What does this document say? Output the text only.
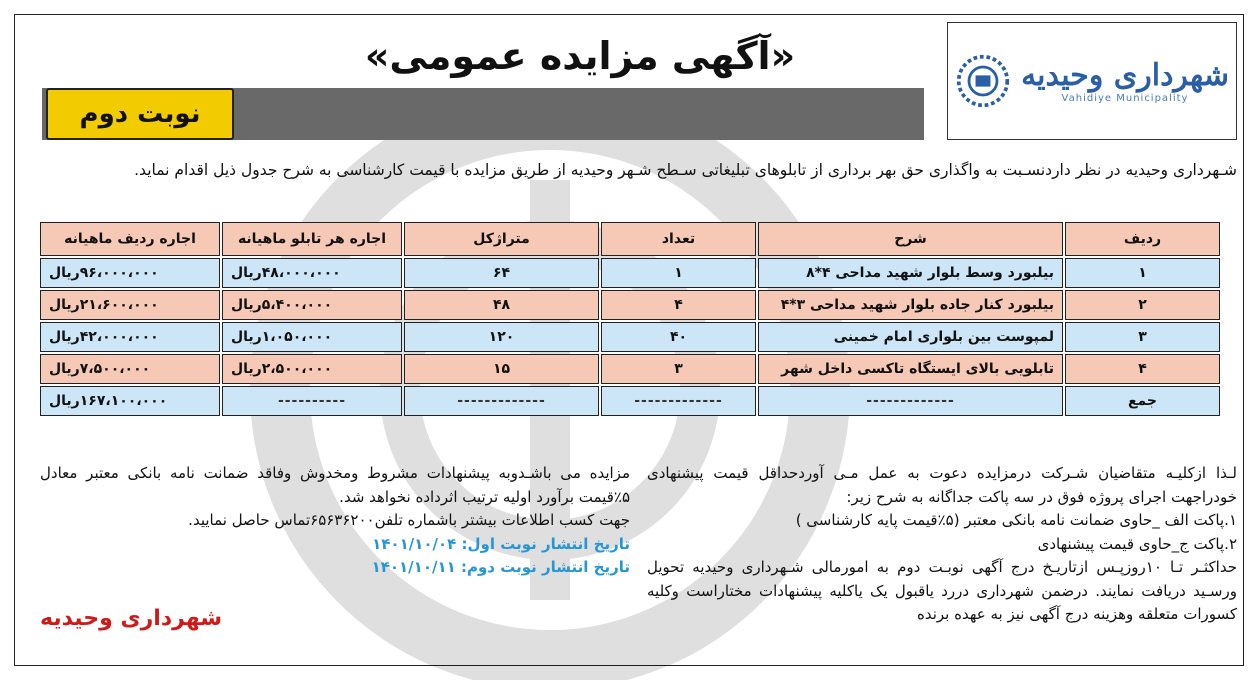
شهرداری وحیدیه
Vahidiye Municipality
«آگهی مزایده عمومی»
نوبت دوم
شـهرداری وحیدیه در نظر داردنسـبت به واگذاری حق بهر برداری از تابلوهای تبلیغاتی سـطح شـهر وحیدیه از طریق مزایده با قیمت کارشناسی به شرح جدول ذیل اقدام نماید.
ردیف	شرح	تعداد	متراژکل	اجاره هر تابلو ماهیانه	اجاره ردیف ماهیانه
۱	بیلبورد وسط بلوار شهید مداحی ۴*۸	۱	۶۴	۴۸،۰۰۰،۰۰۰ریال	۹۶،۰۰۰،۰۰۰ریال
۲	بیلبورد کنار جاده بلوار شهید مداحی ۳*۴	۴	۴۸	۵،۴۰۰،۰۰۰ریال	۲۱،۶۰۰،۰۰۰ریال
۳	لمپوست بین بلواری امام خمینی	۴۰	۱۲۰	۱،۰۵۰،۰۰۰ریال	۴۲،۰۰۰،۰۰۰ریال
۴	تابلویی بالای ایستگاه تاکسی داخل شهر	۳	۱۵	۲،۵۰۰،۰۰۰ریال	۷،۵۰۰،۰۰۰ریال
جمع	-------------	-------------	-------------	----------	۱۶۷،۱۰۰،۰۰۰ریال

لـذا ازکلیـه متقاضیان شـرکت درمزایده دعوت به عمل مـی آوردحداقل قیمت پیشنهادی خودراجهت اجرای پروژه فوق در سه پاکت جداگانه به شرح زیر:

۱.پاکت الف _حاوی ضمانت نامه بانکی معتبر (۵٪قیمت پایه کارشناسی )

۲.پاکت ج_حاوی قیمت پیشنهادی

حداکثـر تـا ۱۰روزپـس ازتاریـخ درج آگهی نوبـت دوم به امورمالی شـهرداری وحیدیه تحویل ورسـید دریافت نمایند. درضمن شهرداری دررد یاقبول یک یاکلیه پیشنهادات مختاراست وکلیه کسورات متعلقه وهزینه درج آگهی نیز به عهده برنده

مزایده می باشـدوبه پیشنهادات مشروط ومخدوش وفاقد ضمانت نامه بانکی معتبر معادل ۵٪قیمت برآورد اولیه ترتیب اثرداده نخواهد شد.

جهت کسب اطلاعات بیشتر باشماره تلفن۶۵۶۳۶۲۰۰تماس حاصل نمایید.

تاریخ انتشار نوبت اول: ۱۴۰۱/۱۰/۰۴

تاریخ انتشار نوبت دوم: ۱۴۰۱/۱۰/۱۱

شهرداری وحیدیه
